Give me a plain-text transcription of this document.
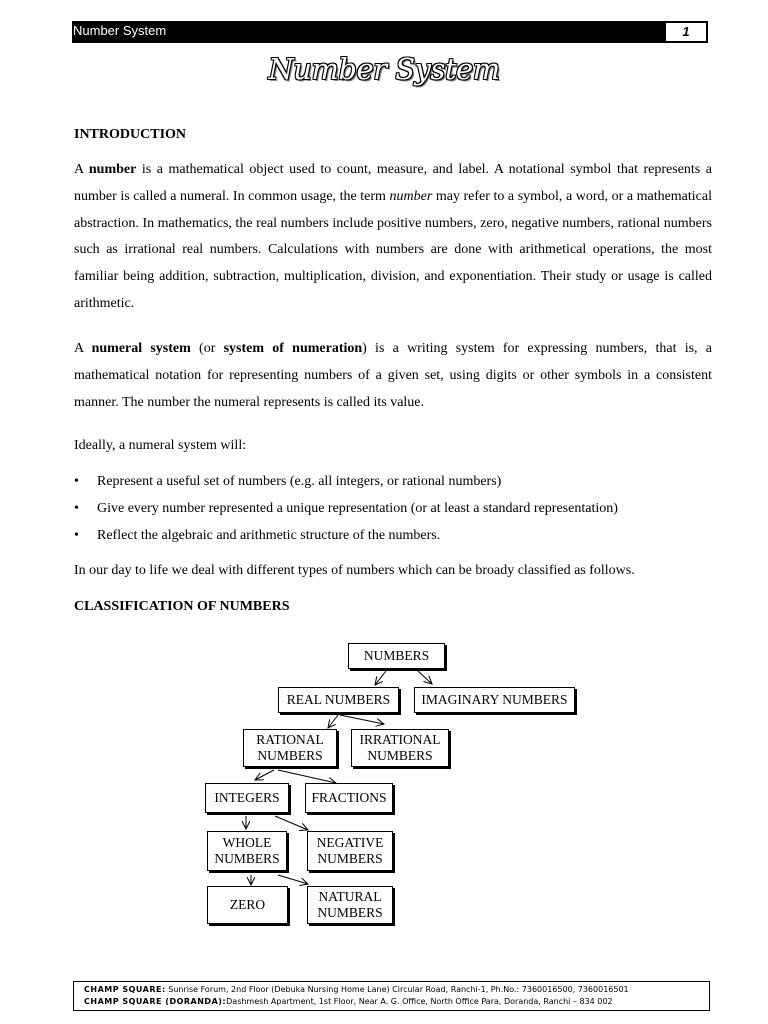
Number System	1
Number System
INTRODUCTION
A number is a mathematical object used to count, measure, and label. A notational symbol that represents a number is called a numeral. In common usage, the term number may refer to a symbol, a word, or a mathematical abstraction. In mathematics, the real numbers include positive numbers, zero, negative numbers, rational numbers such as irrational real numbers. Calculations with numbers are done with arithmetical operations, the most familiar being addition, subtraction, multiplication, division, and exponentiation. Their study or usage is called arithmetic.
A numeral system (or system of numeration) is a writing system for expressing numbers, that is, a mathematical notation for representing numbers of a given set, using digits or other symbols in a consistent manner. The number the numeral represents is called its value.
Ideally, a numeral system will:
• Represent a useful set of numbers (e.g. all integers, or rational numbers)
• Give every number represented a unique representation (or at least a standard representation)
• Reflect the algebraic and arithmetic structure of the numbers.
In our day to life we deal with different types of numbers which can be broady classified as follows.
CLASSIFICATION OF NUMBERS
NUMBERS
REAL NUMBERS	IMAGINARY NUMBERS
RATIONAL NUMBERS
IRRATIONAL NUMBERS
INTEGERS	FRACTIONS
WHOLE NUMBERS
NEGATIVE NUMBERS
ZERO
NATURAL NUMBERS
CHAMP SQUARE: Sunrise Forum, 2nd Floor (Debuka Nursing Home Lane) Circular Road, Ranchi-1, Ph.No.: 7360016500, 7360016501
CHAMP SQUARE (DORANDA):Dashmesh Apartment, 1st Floor, Near A. G. Office, North Office Para, Doranda, Ranchi – 834 002
